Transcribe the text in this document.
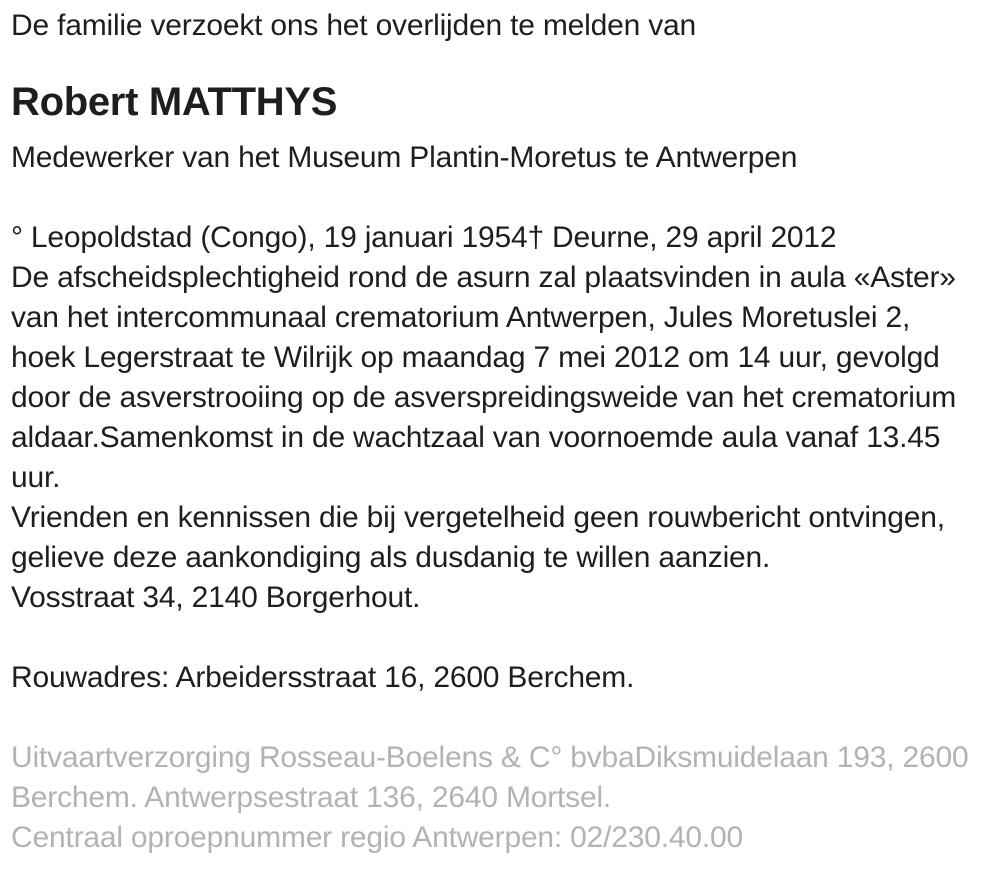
De familie verzoekt ons het overlijden te melden van
Robert MATTHYS
Medewerker van het Museum Plantin-Moretus te Antwerpen
° Leopoldstad (Congo), 19 januari 1954† Deurne, 29 april 2012
De afscheidsplechtigheid rond de asurn zal plaatsvinden in aula «Aster»
van het intercommunaal crematorium Antwerpen, Jules Moretuslei 2,
hoek Legerstraat te Wilrijk op maandag 7 mei 2012 om 14 uur, gevolgd
door de asverstrooiing op de asverspreidingsweide van het crematorium
aldaar.Samenkomst in de wachtzaal van voornoemde aula vanaf 13.45
uur.
Vrienden en kennissen die bij vergetelheid geen rouwbericht ontvingen,
gelieve deze aankondiging als dusdanig te willen aanzien.
Vosstraat 34, 2140 Borgerhout.
Rouwadres: Arbeidersstraat 16, 2600 Berchem.
Uitvaartverzorging Rosseau-Boelens & C° bvbaDiksmuidelaan 193, 2600
Berchem. Antwerpsestraat 136, 2640 Mortsel.
Centraal oproepnummer regio Antwerpen: 02/230.40.00
